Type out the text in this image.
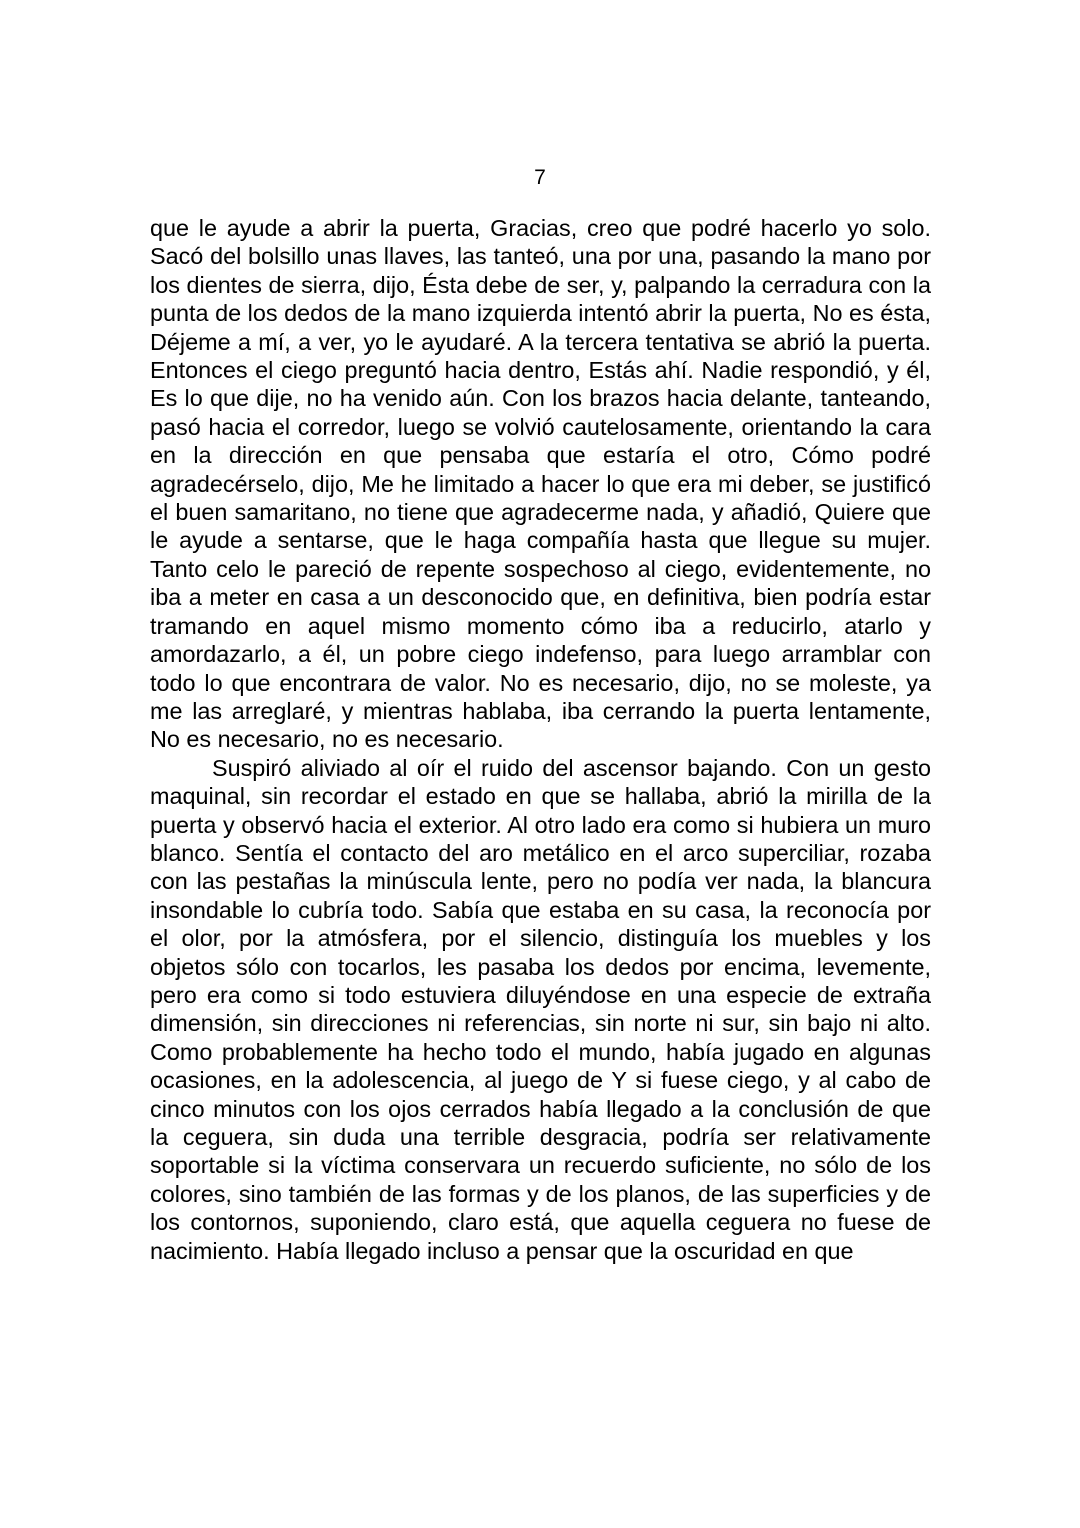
7

que le ayude a abrir la puerta, Gracias, creo que podré hacerlo yo solo. Sacó del bolsillo unas llaves, las tanteó, una por una, pasando la mano por los dientes de sierra, dijo, Ésta debe de ser, y, palpando la cerradura con la punta de los dedos de la mano izquierda intentó abrir la puerta, No es ésta, Déjeme a mí, a ver, yo le ayudaré. A la tercera tentativa se abrió la puerta. Entonces el ciego preguntó hacia dentro, Estás ahí. Nadie respondió, y él, Es lo que dije, no ha venido aún. Con los brazos hacia delante, tanteando, pasó hacia el corredor, luego se volvió cautelosamente, orientando la cara en la dirección en que pensaba que estaría el otro, Cómo podré agradecérselo, dijo, Me he limitado a hacer lo que era mi deber, se justificó el buen samaritano, no tiene que agradecerme nada, y añadió, Quiere que le ayude a sentarse, que le haga compañía hasta que llegue su mujer. Tanto celo le pareció de repente sospechoso al ciego, evidentemente, no iba a meter en casa a un desconocido que, en definitiva, bien podría estar tramando en aquel mismo momento cómo iba a reducirlo, atarlo y amordazarlo, a él, un pobre ciego indefenso, para luego arramblar con todo lo que encontrara de valor. No es necesario, dijo, no se moleste, ya me las arreglaré, y mientras hablaba, iba cerrando la puerta lentamente, No es necesario, no es necesario.

Suspiró aliviado al oír el ruido del ascensor bajando. Con un gesto maquinal, sin recordar el estado en que se hallaba, abrió la mirilla de la puerta y observó hacia el exterior. Al otro lado era como si hubiera un muro blanco. Sentía el contacto del aro metálico en el arco superciliar, rozaba con las pestañas la minúscula lente, pero no podía ver nada, la blancura insondable lo cubría todo. Sabía que estaba en su casa, la reconocía por el olor, por la atmósfera, por el silencio, distinguía los muebles y los objetos sólo con tocarlos, les pasaba los dedos por encima, levemente, pero era como si todo estuviera diluyéndose en una especie de extraña dimensión, sin direcciones ni referencias, sin norte ni sur, sin bajo ni alto. Como probablemente ha hecho todo el mundo, había jugado en algunas ocasiones, en la adolescencia, al juego de Y si fuese ciego, y al cabo de cinco minutos con los ojos cerrados había llegado a la conclusión de que la ceguera, sin duda una terrible desgracia, podría ser relativamente soportable si la víctima conservara un recuerdo suficiente, no sólo de los colores, sino también de las formas y de los planos, de las superficies y de los contornos, suponiendo, claro está, que aquella ceguera no fuese de nacimiento. Había llegado incluso a pensar que la oscuridad en que
